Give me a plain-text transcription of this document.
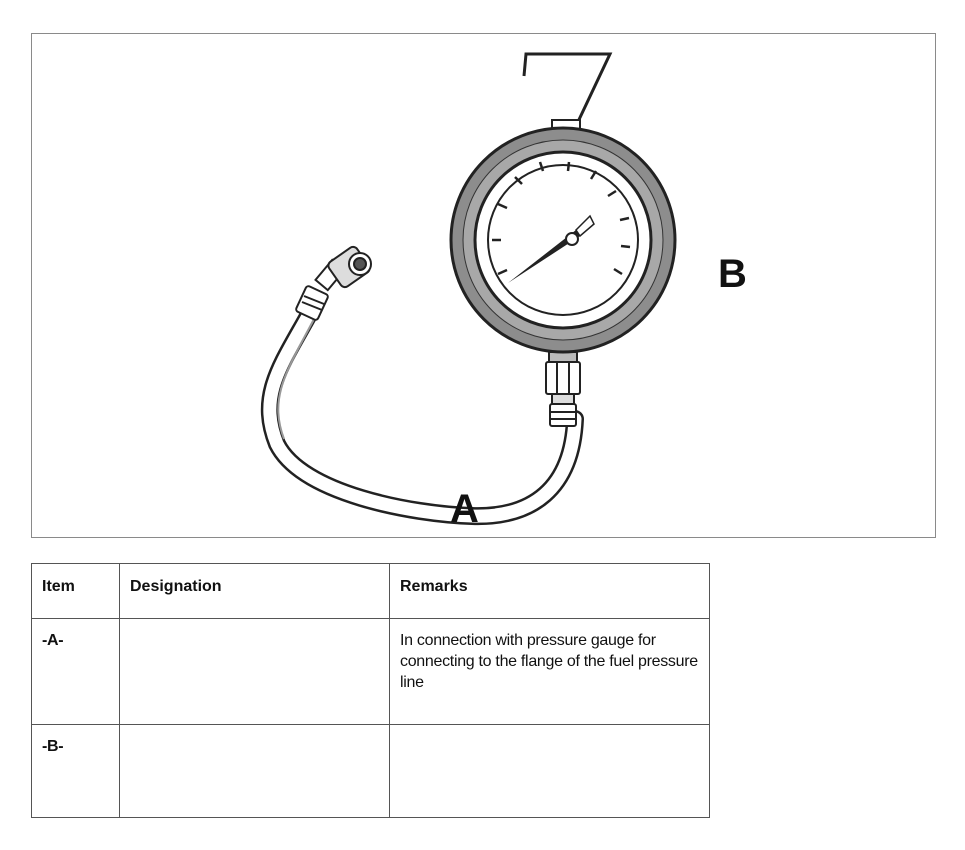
A
B
Item	Designation	Remarks
-A-		In connection with pressure gauge for connecting to the flange of the fuel pressure line
-B-		
